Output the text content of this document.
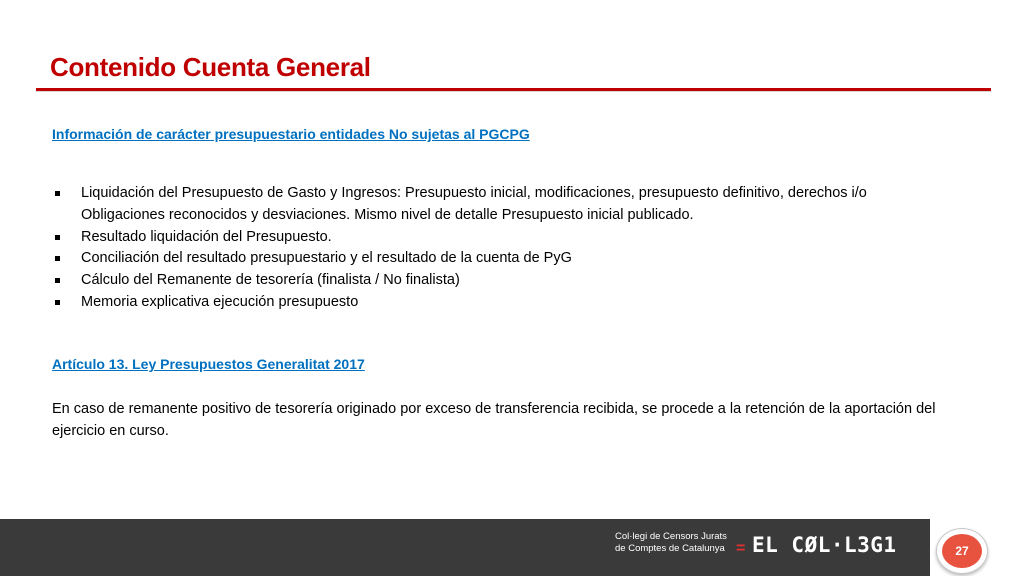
Contenido Cuenta General

Información de carácter presupuestario entidades No sujetas al PGCPG

Liquidación del Presupuesto de Gasto y Ingresos: Presupuesto inicial, modificaciones, presupuesto definitivo, derechos i/o Obligaciones reconocidos y desviaciones. Mismo nivel de detalle Presupuesto inicial publicado.
Resultado liquidación del Presupuesto.
Conciliación del resultado presupuestario y el resultado de la cuenta de PyG
Cálculo del Remanente de tesorería (finalista / No finalista)
Memoria explicativa ejecución presupuesto

Artículo 13. Ley Presupuestos Generalitat 2017

En caso de remanente positivo de tesorería originado por exceso de transferencia recibida, se procede a la retención de la aportación del ejercicio en curso.

Col·legi de Censors Jurats
de Comptes de Catalunya = EL CØL·L3G1	27
